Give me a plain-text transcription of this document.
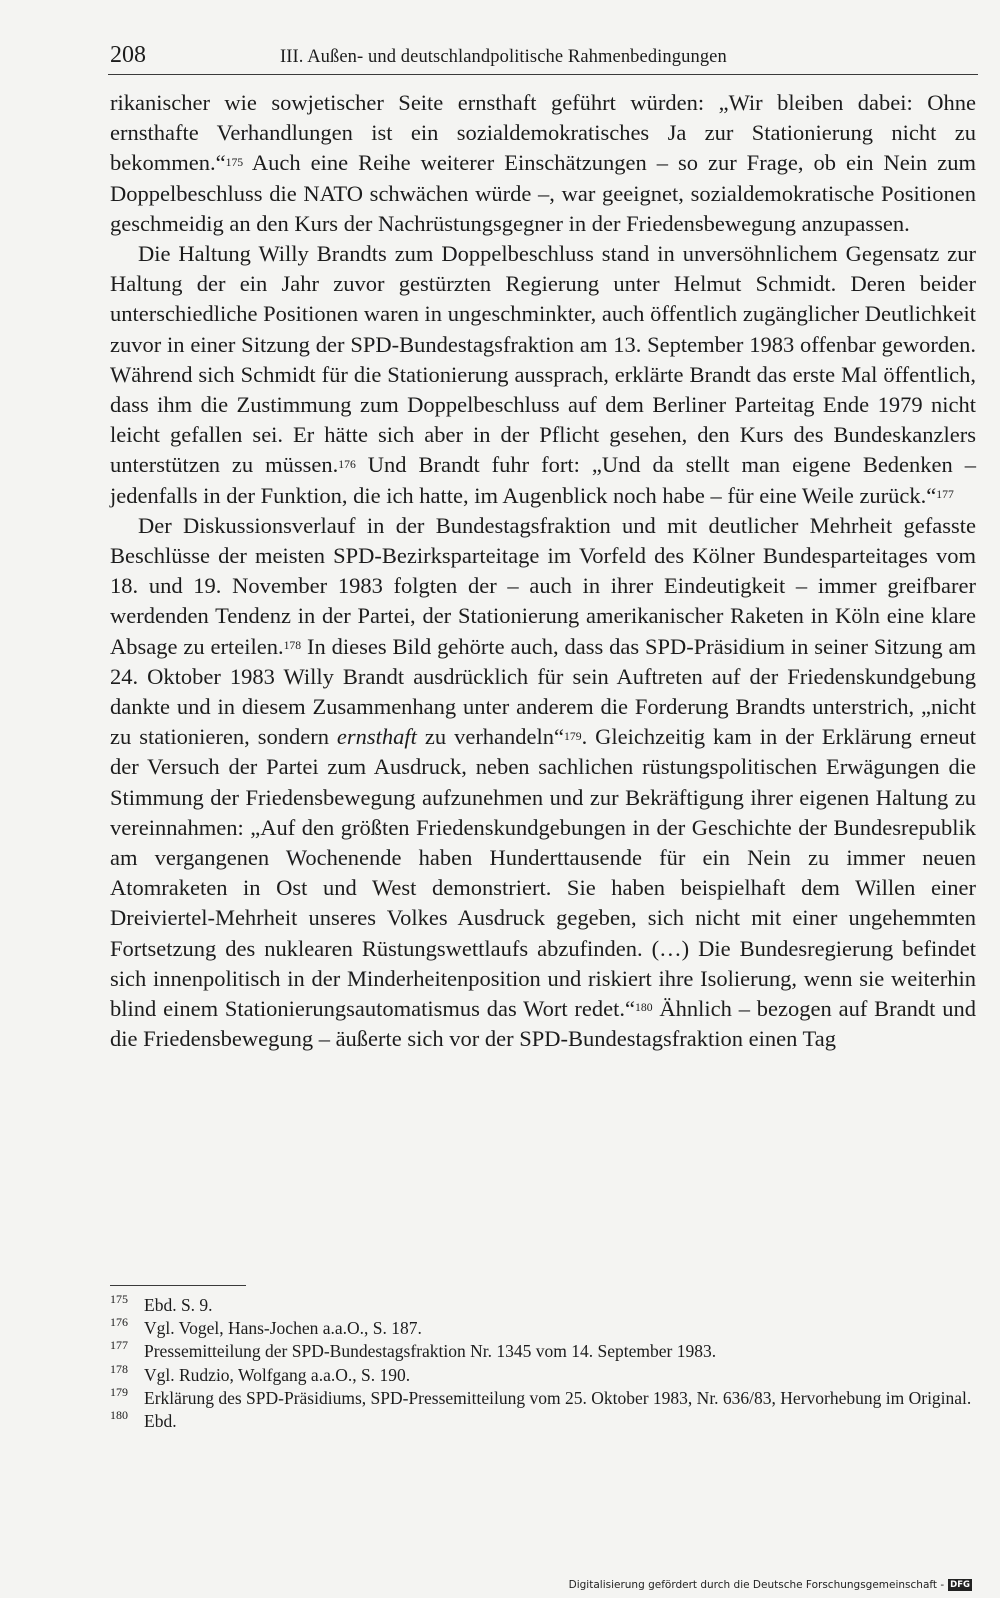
208	III. Außen- und deutschlandpolitische Rahmenbedingungen

rikanischer wie sowjetischer Seite ernsthaft geführt würden: „Wir bleiben dabei: Ohne ernsthafte Verhandlungen ist ein sozialdemokratisches Ja zur Stationierung nicht zu bekommen.“$^{175}$ Auch eine Reihe weiterer Einschätzungen – so zur Frage, ob ein Nein zum Doppelbeschluss die NATO schwächen würde –, war geeignet, sozialdemokratische Positionen geschmeidig an den Kurs der Nachrüstungsgegner in der Friedensbewegung anzupassen.

Die Haltung Willy Brandts zum Doppelbeschluss stand in unversöhnlichem Gegensatz zur Haltung der ein Jahr zuvor gestürzten Regierung unter Helmut Schmidt. Deren beider unterschiedliche Positionen waren in ungeschminkter, auch öffentlich zugänglicher Deutlichkeit zuvor in einer Sitzung der SPD-Bundestagsfraktion am 13. September 1983 offenbar geworden. Während sich Schmidt für die Stationierung aussprach, erklärte Brandt das erste Mal öffentlich, dass ihm die Zustimmung zum Doppelbeschluss auf dem Berliner Parteitag Ende 1979 nicht leicht gefallen sei. Er hätte sich aber in der Pflicht gesehen, den Kurs des Bundeskanzlers unterstützen zu müssen.$^{176}$ Und Brandt fuhr fort: „Und da stellt man eigene Bedenken – jedenfalls in der Funktion, die ich hatte, im Augenblick noch habe – für eine Weile zurück.“$^{177}$

Der Diskussionsverlauf in der Bundestagsfraktion und mit deutlicher Mehrheit gefasste Beschlüsse der meisten SPD-Bezirksparteitage im Vorfeld des Kölner Bundesparteitages vom 18. und 19. November 1983 folgten der – auch in ihrer Eindeutigkeit – immer greifbarer werdenden Tendenz in der Partei, der Stationierung amerikanischer Raketen in Köln eine klare Absage zu erteilen.$^{178}$ In dieses Bild gehörte auch, dass das SPD-Präsidium in seiner Sitzung am 24. Oktober 1983 Willy Brandt ausdrücklich für sein Auftreten auf der Friedenskundgebung dankte und in diesem Zusammenhang unter anderem die Forderung Brandts unterstrich, „nicht zu stationieren, sondern ernsthaft zu verhandeln“$^{179}$. Gleichzeitig kam in der Erklärung erneut der Versuch der Partei zum Ausdruck, neben sachlichen rüstungspolitischen Erwägungen die Stimmung der Friedensbewegung aufzunehmen und zur Bekräftigung ihrer eigenen Haltung zu vereinnahmen: „Auf den größten Friedenskundgebungen in der Geschichte der Bundesrepublik am vergangenen Wochenende haben Hunderttausende für ein Nein zu immer neuen Atomraketen in Ost und West demonstriert. Sie haben beispielhaft dem Willen einer Dreiviertel-Mehrheit unseres Volkes Ausdruck gegeben, sich nicht mit einer ungehemmten Fortsetzung des nuklearen Rüstungswettlaufs abzufinden. (…) Die Bundesregierung befindet sich innenpolitisch in der Minderheitenposition und riskiert ihre Isolierung, wenn sie weiterhin blind einem Stationierungsautomatismus das Wort redet.“$^{180}$ Ähnlich – bezogen auf Brandt und die Friedensbewegung – äußerte sich vor der SPD-Bundestagsfraktion einen Tag

175 Ebd. S. 9.
176 Vgl. Vogel, Hans-Jochen a.a.O., S. 187.
177 Pressemitteilung der SPD-Bundestagsfraktion Nr. 1345 vom 14. September 1983.
178 Vgl. Rudzio, Wolfgang a.a.O., S. 190.
179 Erklärung des SPD-Präsidiums, SPD-Pressemitteilung vom 25. Oktober 1983, Nr. 636/83, Hervorhebung im Original.
180 Ebd.
Digitalisierung gefördert durch die Deutsche Forschungsgemeinschaft - DFG
